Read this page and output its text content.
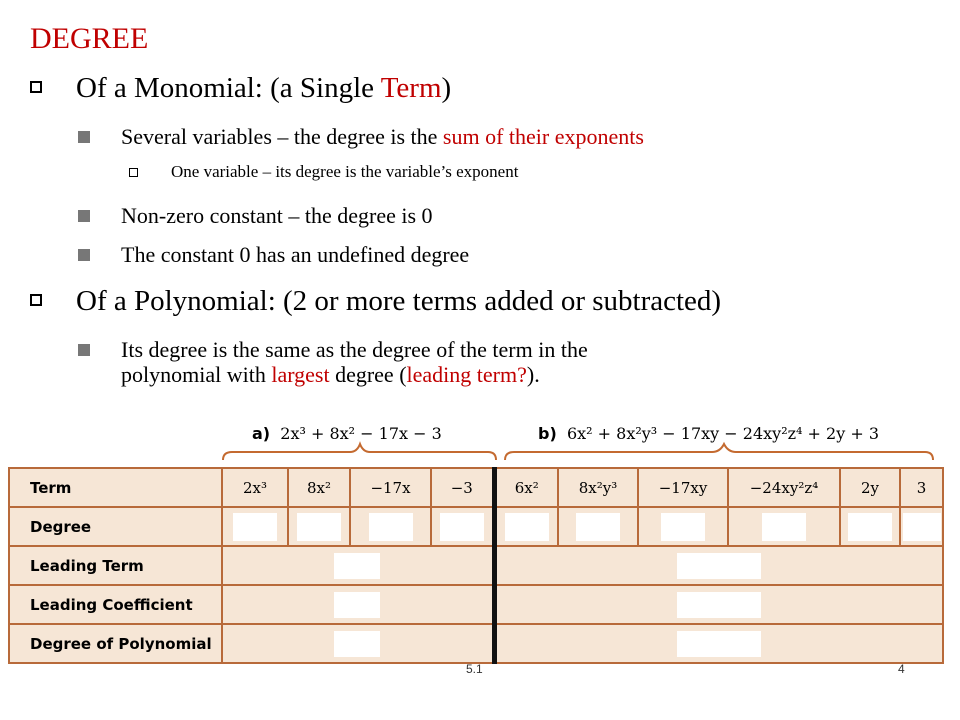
DEGREE
Of a Monomial: (a Single Term)
Several variables – the degree is the sum of their exponents
One variable – its degree is the variable’s exponent
Non-zero constant – the degree is 0
The constant 0 has an undefined degree
Of a Polynomial: (2 or more terms added or subtracted)
Its degree is the same as the degree of the term in the
polynomial with largest degree (leading term?).
a) 2x³ + 8x² − 17x − 3	b) 6x² + 8x²y³ − 17xy − 24xy²z⁴ + 2y + 3
Term	2x³	8x²	−17x	−3	6x²	8x²y³	−17xy	−24xy²z⁴	2y	3
Degree										
Leading Term										
Leading Coefficient										
Degree of Polynomial										
5.1	4
